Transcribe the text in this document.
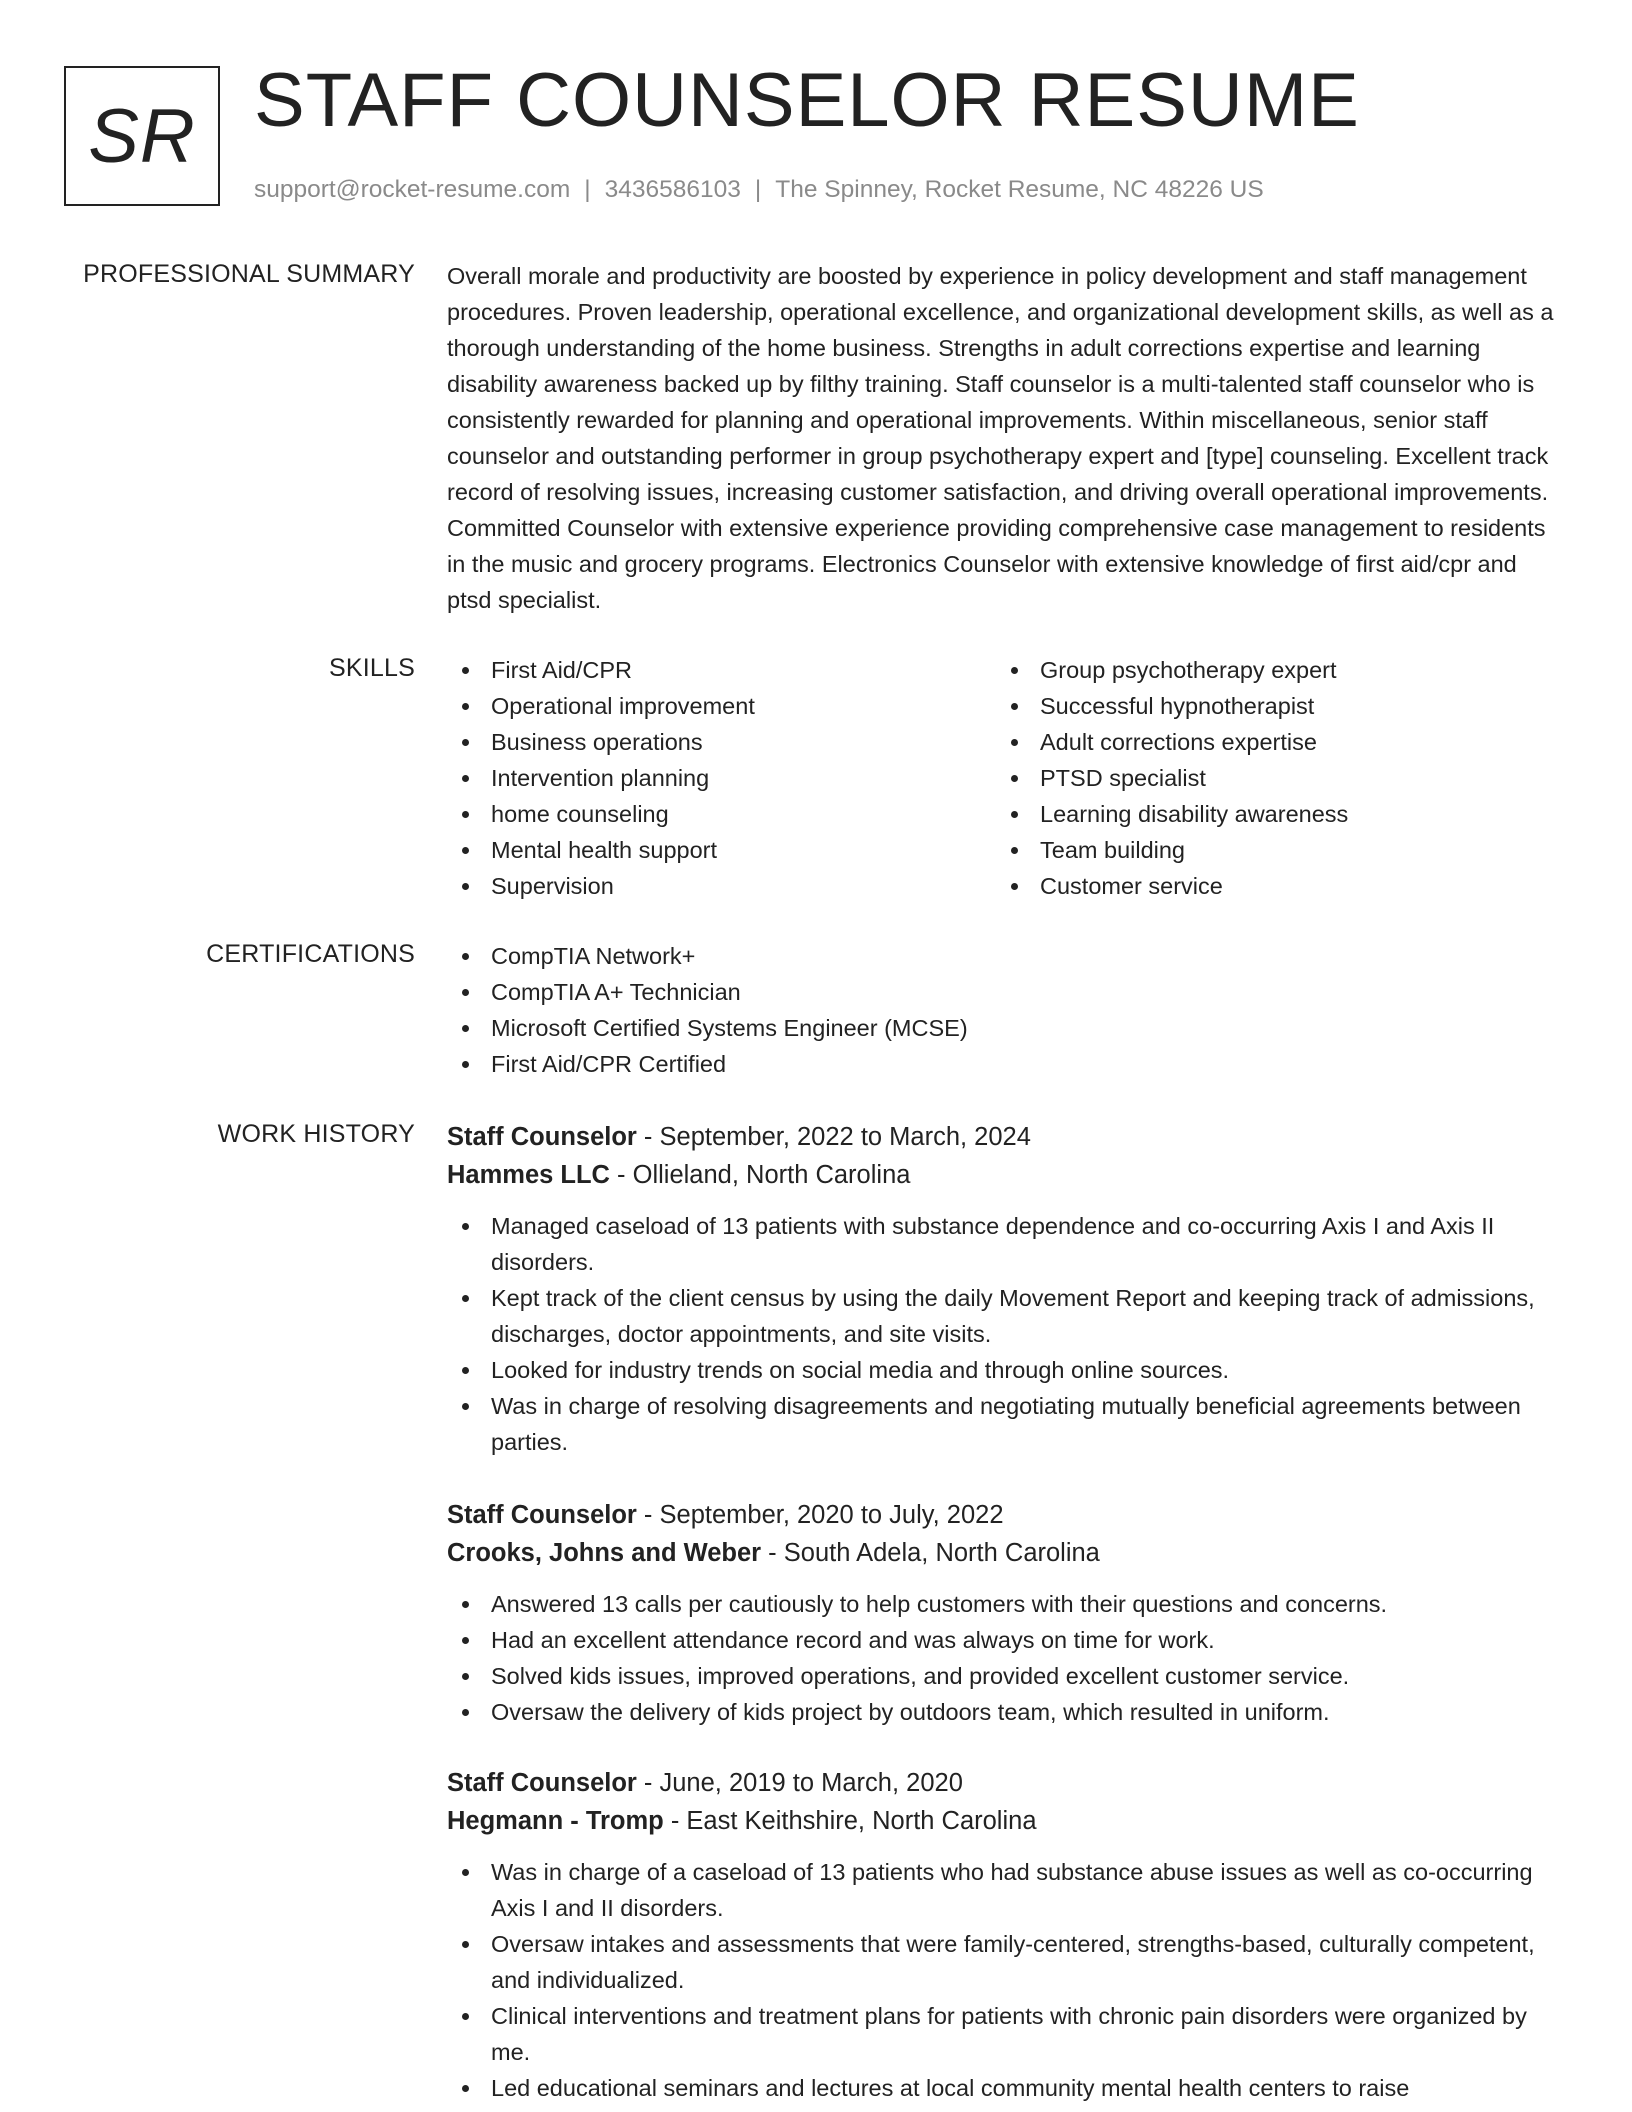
SR STAFF COUNSELOR RESUME
support@rocket-resume.com | 3436586103 | The Spinney, Rocket Resume, NC 48226 US
PROFESSIONAL SUMMARY Overall morale and productivity are boosted by experience in policy development and staff management procedures. Proven leadership, operational excellence, and organizational development skills, as well as a thorough understanding of the home business. Strengths in adult corrections expertise and learning disability awareness backed up by filthy training. Staff counselor is a multi-talented staff counselor who is consistently rewarded for planning and operational improvements. Within miscellaneous, senior staff counselor and outstanding performer in group psychotherapy expert and [type] counseling. Excellent track record of resolving issues, increasing customer satisfaction, and driving overall operational improvements. Committed Counselor with extensive experience providing comprehensive case management to residents in the music and grocery programs. Electronics Counselor with extensive knowledge of first aid/cpr and ptsd specialist.
SKILLS	First Aid/CPR
Operational improvement
Business operations
Intervention planning
home counseling
Mental health support
Supervision
Group psychotherapy expert
Successful hypnotherapist
Adult corrections expertise
PTSD specialist
Learning disability awareness
Team building
Customer service
CERTIFICATIONS	CompTIA Network+
CompTIA A+ Technician
Microsoft Certified Systems Engineer (MCSE)
First Aid/CPR Certified
WORK HISTORY Staff Counselor - September, 2022 to March, 2024
Hammes LLC - Ollieland, North Carolina
Managed caseload of 13 patients with substance dependence and co-occurring Axis I and Axis II disorders.
Kept track of the client census by using the daily Movement Report and keeping track of admissions, discharges, doctor appointments, and site visits.
Looked for industry trends on social media and through online sources.
Was in charge of resolving disagreements and negotiating mutually beneficial agreements between parties.
Staff Counselor - September, 2020 to July, 2022
Crooks, Johns and Weber - South Adela, North Carolina
Answered 13 calls per cautiously to help customers with their questions and concerns.
Had an excellent attendance record and was always on time for work.
Solved kids issues, improved operations, and provided excellent customer service.
Oversaw the delivery of kids project by outdoors team, which resulted in uniform.
Staff Counselor - June, 2019 to March, 2020
Hegmann - Tromp - East Keithshire, North Carolina
Was in charge of a caseload of 13 patients who had substance abuse issues as well as co-occurring Axis I and II disorders.
Oversaw intakes and assessments that were family-centered, strengths-based, culturally competent, and individualized.
Clinical interventions and treatment plans for patients with chronic pain disorders were organized by me.
Led educational seminars and lectures at local community mental health centers to raise
